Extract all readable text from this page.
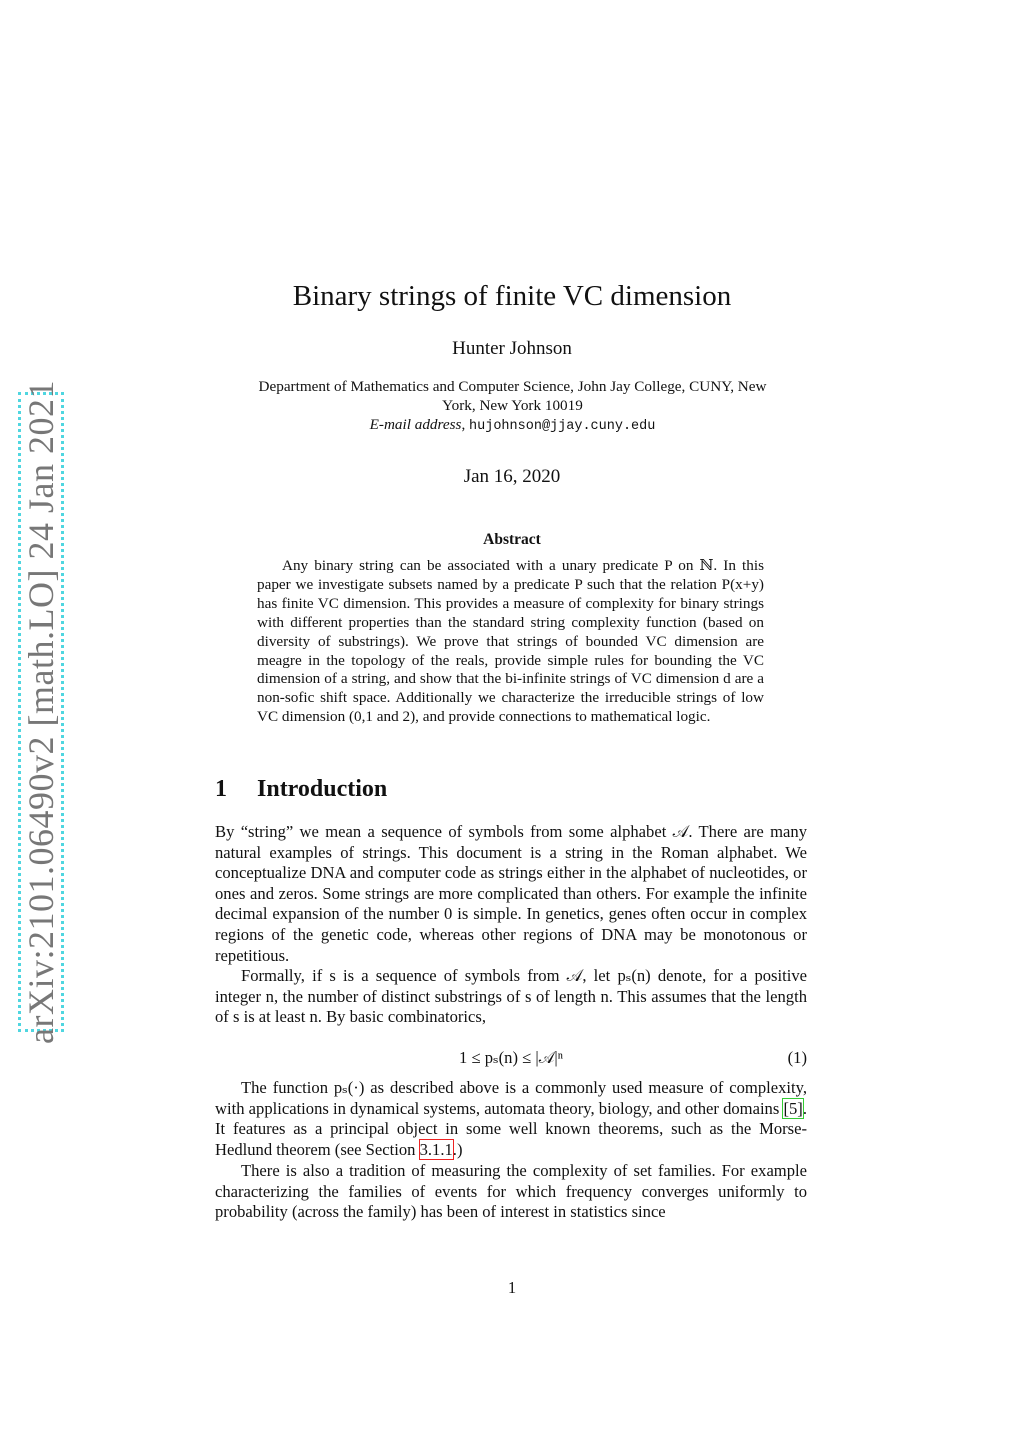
arXiv:2101.06490v2 [math.LO] 24 Jan 2021
Binary strings of finite VC dimension
Hunter Johnson
Department of Mathematics and Computer Science, John Jay College, CUNY, New
York, New York 10019
E-mail address, hujohnson@jjay.cuny.edu
Jan 16, 2020
Abstract
Any binary string can be associated with a unary predicate P on ℕ. In this paper we investigate subsets named by a predicate P such that the relation P(x+y) has finite VC dimension. This provides a measure of complexity for binary strings with different properties than the standard string complexity function (based on diversity of substrings). We prove that strings of bounded VC dimension are meagre in the topology of the reals, provide simple rules for bounding the VC dimension of a string, and show that the bi-infinite strings of VC dimension d are a non-sofic shift space. Additionally we characterize the irreducible strings of low VC dimension (0,1 and 2), and provide connections to mathematical logic.
1 Introduction
By “string” we mean a sequence of symbols from some alphabet 𝒜. There are many natural examples of strings. This document is a string in the Roman alphabet. We conceptualize DNA and computer code as strings either in the alphabet of nucleotides, or ones and zeros. Some strings are more complicated than others. For example the infinite decimal expansion of the number 0 is simple. In genetics, genes often occur in complex regions of the genetic code, whereas other regions of DNA may be monotonous or repetitious.
Formally, if s is a sequence of symbols from 𝒜, let pₛ(n) denote, for a positive integer n, the number of distinct substrings of s of length n. This assumes that the length of s is at least n. By basic combinatorics,
1 ≤ pₛ(n) ≤ |𝒜|ⁿ	(1)
The function pₛ(·) as described above is a commonly used measure of complexity, with applications in dynamical systems, automata theory, biology, and other domains [5]. It features as a principal object in some well known theorems, such as the Morse-Hedlund theorem (see Section 3.1.1.)
There is also a tradition of measuring the complexity of set families. For example characterizing the families of events for which frequency converges uniformly to probability (across the family) has been of interest in statistics since
1
